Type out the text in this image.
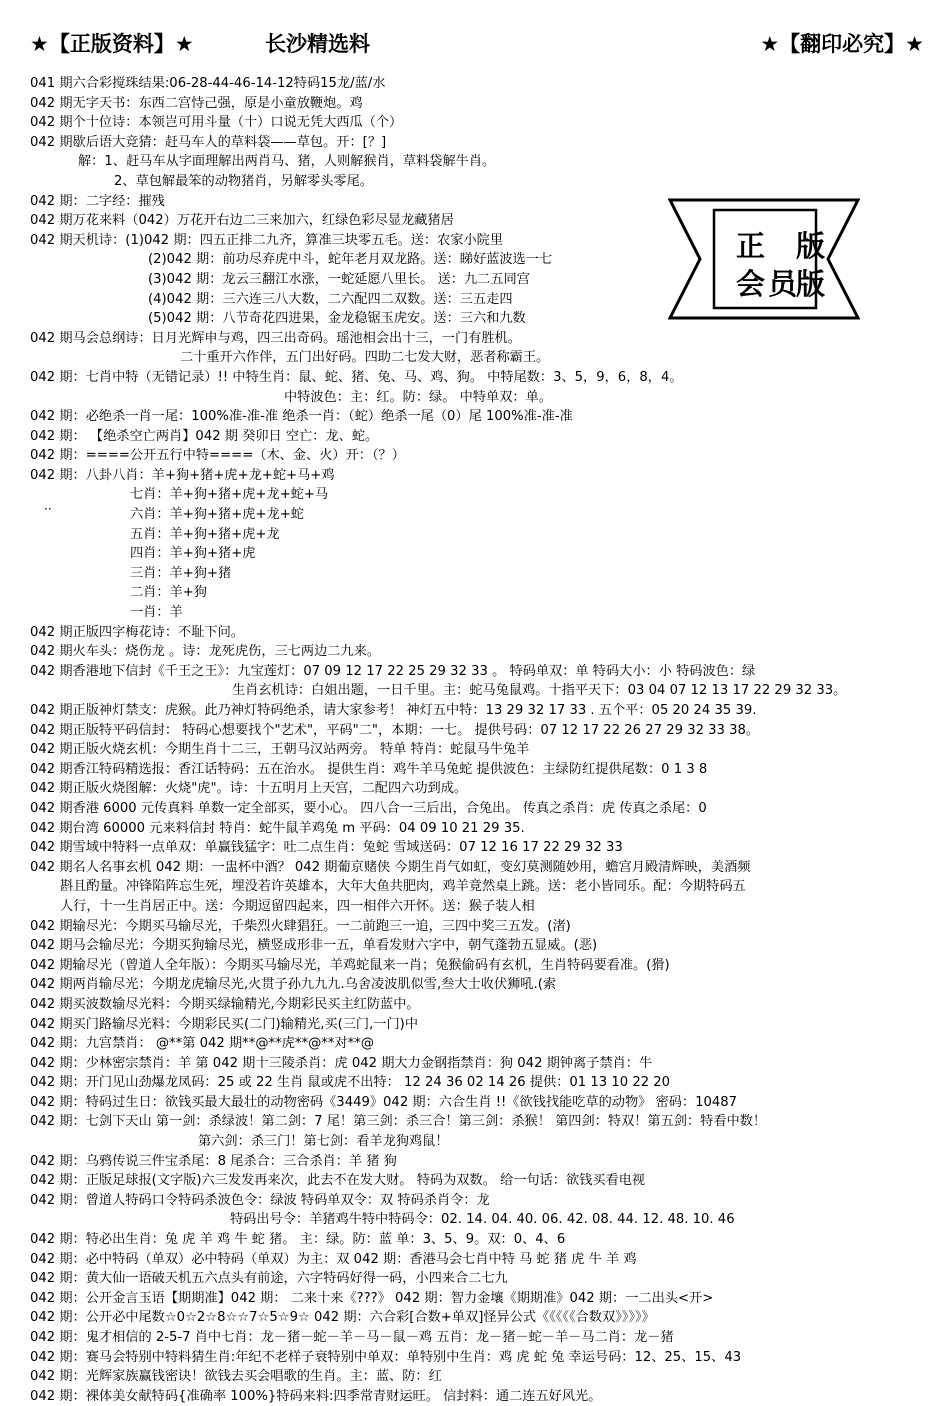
★【正版资料】★	长沙精选料	★【翻印必究】★
正 版
会 员
版
··
041 期六合彩搅珠结果:06-28-44-46-14-12特码15龙/蓝/水
042 期无字天书：东西二宫恃己强，原是小童放鞭炮。鸡
042 期个十位诗：本领岂可用斗量（十）口说无凭大西瓜（个）
042 期歇后语大竞猜：赶马车人的草料袋——草包。开：[？]
解：1、赶马车从字面理解出两肖马、猪，人则解猴肖，草料袋解牛肖。
2、草包解最笨的动物猪肖，另解零头零尾。
042 期：二字经：摧残
042 期万花来料（042）万花开右边二三来加六，红绿色彩尽显龙藏猪居
042 期天机诗：(1)042 期：四五正排二九齐，算准三块零五毛。送：农家小院里
(2)042 期：前功尽弃虎中斗，蛇年老月双龙路。送：睇好蓝波选一七
(3)042 期：龙云三翻江水涨，一蛇延愿八里长。 送：九二五同宫
(4)042 期：三六连三八大数，二六配四二双数。送：三五走四
(5)042 期：八节奇花四进果，金龙稳锯玉虎安。送：三六和九数
042 期马会总纲诗：日月光辉申与鸡，四三出奇码。瑶池相会出十三，一门有胜机。
二十重开六作伴，五门出好码。四助二七发大财，恶者称霸王。
042 期：七肖中特（无错记录）!! 中特生肖：鼠、蛇、猪、兔、马、鸡、狗。 中特尾数：3、5，9，6，8，4。
中特波色：主：红。防：绿。 中特单双：单。
042 期：必绝杀一肖一尾：100%准-准-准 绝杀一肖：（蛇）绝杀一尾（0）尾 100%准-准-准
042 期： 【绝杀空亡两肖】042 期 癸卯日 空亡：龙、蛇。
042 期：====公开五行中特====（木、金、火）开：（？）
042 期：八卦八肖：羊+狗+猪+虎+龙+蛇+马+鸡
七肖：羊+狗+猪+虎+龙+蛇+马
六肖：羊+狗+猪+虎+龙+蛇
五肖：羊+狗+猪+虎+龙
四肖：羊+狗+猪+虎
三肖：羊+狗+猪
二肖：羊+狗
一肖：羊
042 期正版四字梅花诗：不耻下问。
042 期火车头：烧伤龙 。诗：龙死虎伤，三七两边二九来。
042 期香港地下信封《千王之王》：九宝莲灯：07 09 12 17 22 25 29 32 33 。 特码单双：单 特码大小：小 特码波色：绿
生肖玄机诗：白姐出题，一日千里。主：蛇马兔鼠鸡。十指平天下：03 04 07 12 13 17 22 29 32 33。
042 期正版神灯禁支：虎猴。此乃神灯特码绝杀，请大家参考！ 神灯五中特：13 29 32 17 33 . 五个平：05 20 24 35 39.
042 期正版特平码信封： 特码心想要找个"艺术"，平码"二"，本期：一七。 提供号码：07 12 17 22 26 27 29 32 33 38。
042 期正版火烧玄机：今期生肖十二三，王朝马汉站两旁。 特单 特肖：蛇鼠马牛兔羊
042 期香江特码精选报：香江话特码：五在治水。 提供生肖：鸡牛羊马兔蛇 提供波色：主绿防红提供尾数：0 1 3 8
042 期正版火烧图解：火烧"虎"。诗：十五明月上天宫，二配四六功到成。
042 期香港 6000 元传真料 单数一定全部买，要小心。 四八合一三后出，合兔出。 传真之杀肖：虎 传真之杀尾：0
042 期台湾 60000 元来料信封 特肖：蛇牛鼠羊鸡兔 m 平码：04 09 10 21 29 35.
042 期雪域中特料一点单双：单赢钱猛字：吐二点生肖：兔蛇 雪域送码：07 12 16 17 22 29 32 33
042 期名人名事玄机 042 期：一盅杯中酒？ 042 期葡京赌侠 今期生肖气如虹，变幻莫测随妙用，蟾宫月殿清辉映，美酒频
斟且酌量。冲锋陷阵忘生死，埋没若许英雄本，大年大鱼共肥肉，鸡羊竟然桌上跳。送：老小皆同乐。配：今期特码五
人行，十一生肖居正中。送：今期逗留四起来，四一相伴六开怀。送：猴子装人相
042 期输尽光：今期买马输尽光，千柴烈火肆猖狂。一二前跑三一追，三四中奖三五发。(渚)
042 期马会输尽光：今期买狗输尽光，横竖成形非一五，单看发财六字中，朝气蓬勃五显威。(恶)
042 期输尽光（曾道人全年版）：今期买马输尽光，羊鸡蛇鼠来一肖；兔猴偷码有玄机，生肖特码要看准。(猾)
042 期两肖输尽光：今期龙虎输尽光,火贯子孙九九九.乌舍凌波肌似雪,叁大士收伏狮吼.(索
042 期买波数输尽光料：今期买绿输精光,今期彩民买主红防蓝中。
042 期买门路输尽光料：今期彩民买(二门)输精光,买(三门,一门)中
042 期：九宫禁肖： @**第 042 期**@**虎**@**对**@
042 期：少林密宗禁肖：羊 第 042 期十三陵杀肖：虎 042 期大力金钢指禁肖：狗 042 期钟离子禁肖：牛
042 期：开门见山劲爆龙凤码：25 或 22 生肖 鼠或虎不出特： 12 24 36 02 14 26 提供：01 13 10 22 20
042 期：特码过生日：欲钱买最大最壮的动物密码《3449》042 期：六合生肖 !!《欲钱找能吃草的动物》 密码：10487
042 期：七剑下天山 第一剑：杀绿波！第二剑：7 尾！第三剑：杀三合！第三剑：杀猴！ 第四剑：特双！第五剑：特看中数！
第六剑：杀三门！第七剑：看羊龙狗鸡鼠！
042 期：乌鸦传说三件宝杀尾：8 尾杀合：三合杀肖：羊 猪 狗
042 期：正版足球报(文字版)六三发发再来次，此去不在发大财。 特码为双数。 给一句话：欲钱买看电视
042 期：曾道人特码口令特码杀波色令：绿波 特码单双令：双 特码杀肖令：龙
特码出号令：羊猪鸡牛特中特码令：02. 14. 04. 40. 06. 42. 08. 44. 12. 48. 10. 46
042 期：特必出生肖：兔 虎 羊 鸡 牛 蛇 猪。 主：绿。防：蓝 单：3、5、9。双：0、4、6
042 期：必中特码（单双）必中特码（单双）为主：双 042 期：香港马会七肖中特 马 蛇 猪 虎 牛 羊 鸡
042 期：黄大仙一语破天机五六点头有前途，六字特码好得一码，小四来合二七九
042 期：公开金言玉语【期期准】042 期： 二来十来《???》 042 期：智力金壤《期期准》042 期：一二出头<开>
042 期：公开必中尾数☆0☆2☆8☆☆7☆5☆9☆ 042 期：六合彩[合数+单双]怪异公式《《《《《合数双》》》》》
042 期：鬼才相信的 2-5-7 肖中七肖：龙－猪－蛇－羊－马－鼠－鸡 五肖：龙－猪－蛇－羊－马二肖：龙－猪
042 期：赛马会特别中特料猜生肖:年纪不老样子衰特别中单双：单特别中生肖：鸡 虎 蛇 兔 幸运号码：12、25、15、43
042 期：光辉家族赢钱密诀！欲钱去买会唱歌的生肖。主：蓝、防：红
042 期：裸体美女献特码{准确率 100%}特码来料:四季常青财运旺。 信封料：通二连五好风光。
